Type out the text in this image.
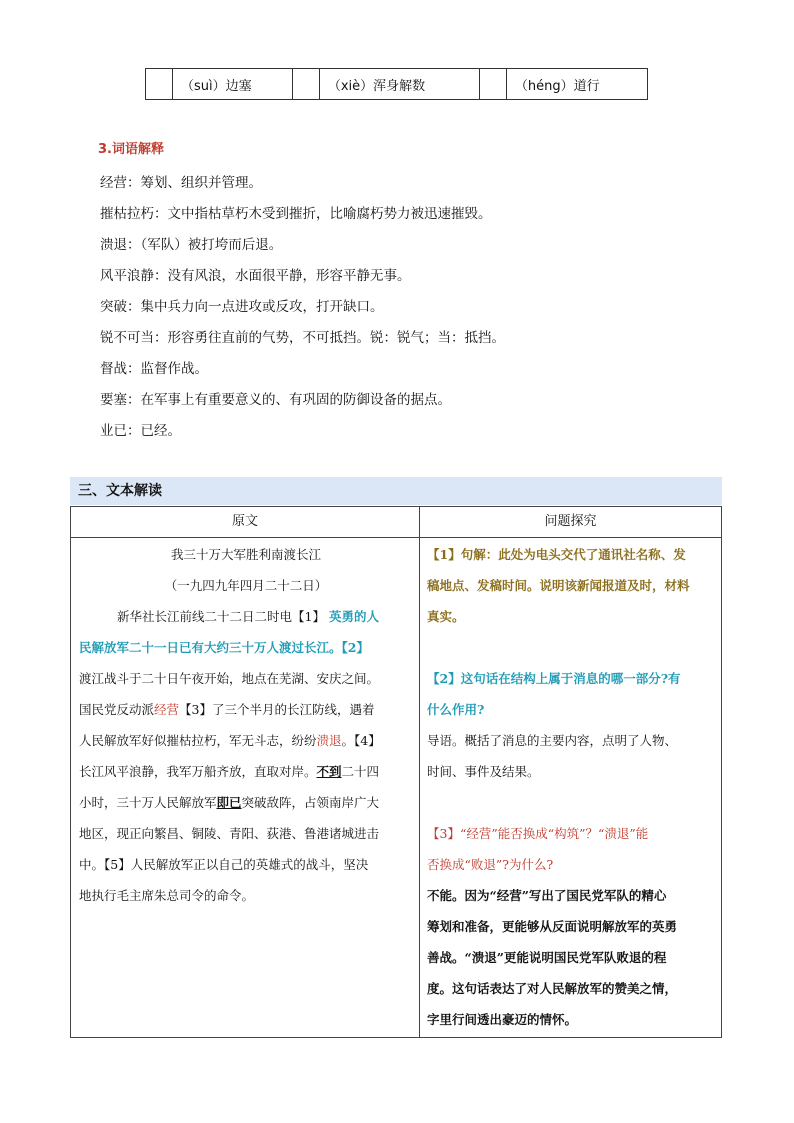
	（suì）边塞		（xiè）浑身解数		（héng）道行
3.词语解释
经营：筹划、组织并管理。
摧枯拉朽：文中指枯草朽木受到摧折，比喻腐朽势力被迅速摧毁。
溃退：（军队）被打垮而后退。
风平浪静：没有风浪，水面很平静，形容平静无事。
突破：集中兵力向一点进攻或反攻，打开缺口。
锐不可当：形容勇往直前的气势，不可抵挡。锐：锐气；当：抵挡。
督战：监督作战。
要塞：在军事上有重要意义的、有巩固的防御设备的据点。
业已：已经。
三、文本解读
原文	问题探究
我三十万大军胜利南渡长江
（一九四九年四月二十二日）
新华社长江前线二十二日二时电【1】 英勇的人
民解放军二十一日已有大约三十万人渡过长江。【2】
渡江战斗于二十日午夜开始，地点在芜湖、安庆之间。
国民党反动派经营【3】了三个半月的长江防线，遇着
人民解放军好似摧枯拉朽，军无斗志，纷纷溃退。【4】
长江风平浪静，我军万船齐放，直取对岸。不到二十四
小时，三十万人民解放军即已突破敌阵，占领南岸广大
地区，现正向繁昌、铜陵、青阳、荻港、鲁港诸城进击
中。【5】人民解放军正以自己的英雄式的战斗，坚决
地执行毛主席朱总司令的命令。
【1】句解：此处为电头交代了通讯社名称、发
稿地点、发稿时间。说明该新闻报道及时，材料
真实。
【2】这句话在结构上属于消息的哪一部分?有
什么作用?
导语。概括了消息的主要内容，点明了人物、
时间、事件及结果。
【3】“经营”能否换成“构筑”？“溃退”能
否换成“败退”?为什么?
不能。因为“经营”写出了国民党军队的精心
筹划和准备，更能够从反面说明解放军的英勇
善战。“溃退”更能说明国民党军队败退的程
度。这句话表达了对人民解放军的赞美之情，
字里行间透出豪迈的情怀。
